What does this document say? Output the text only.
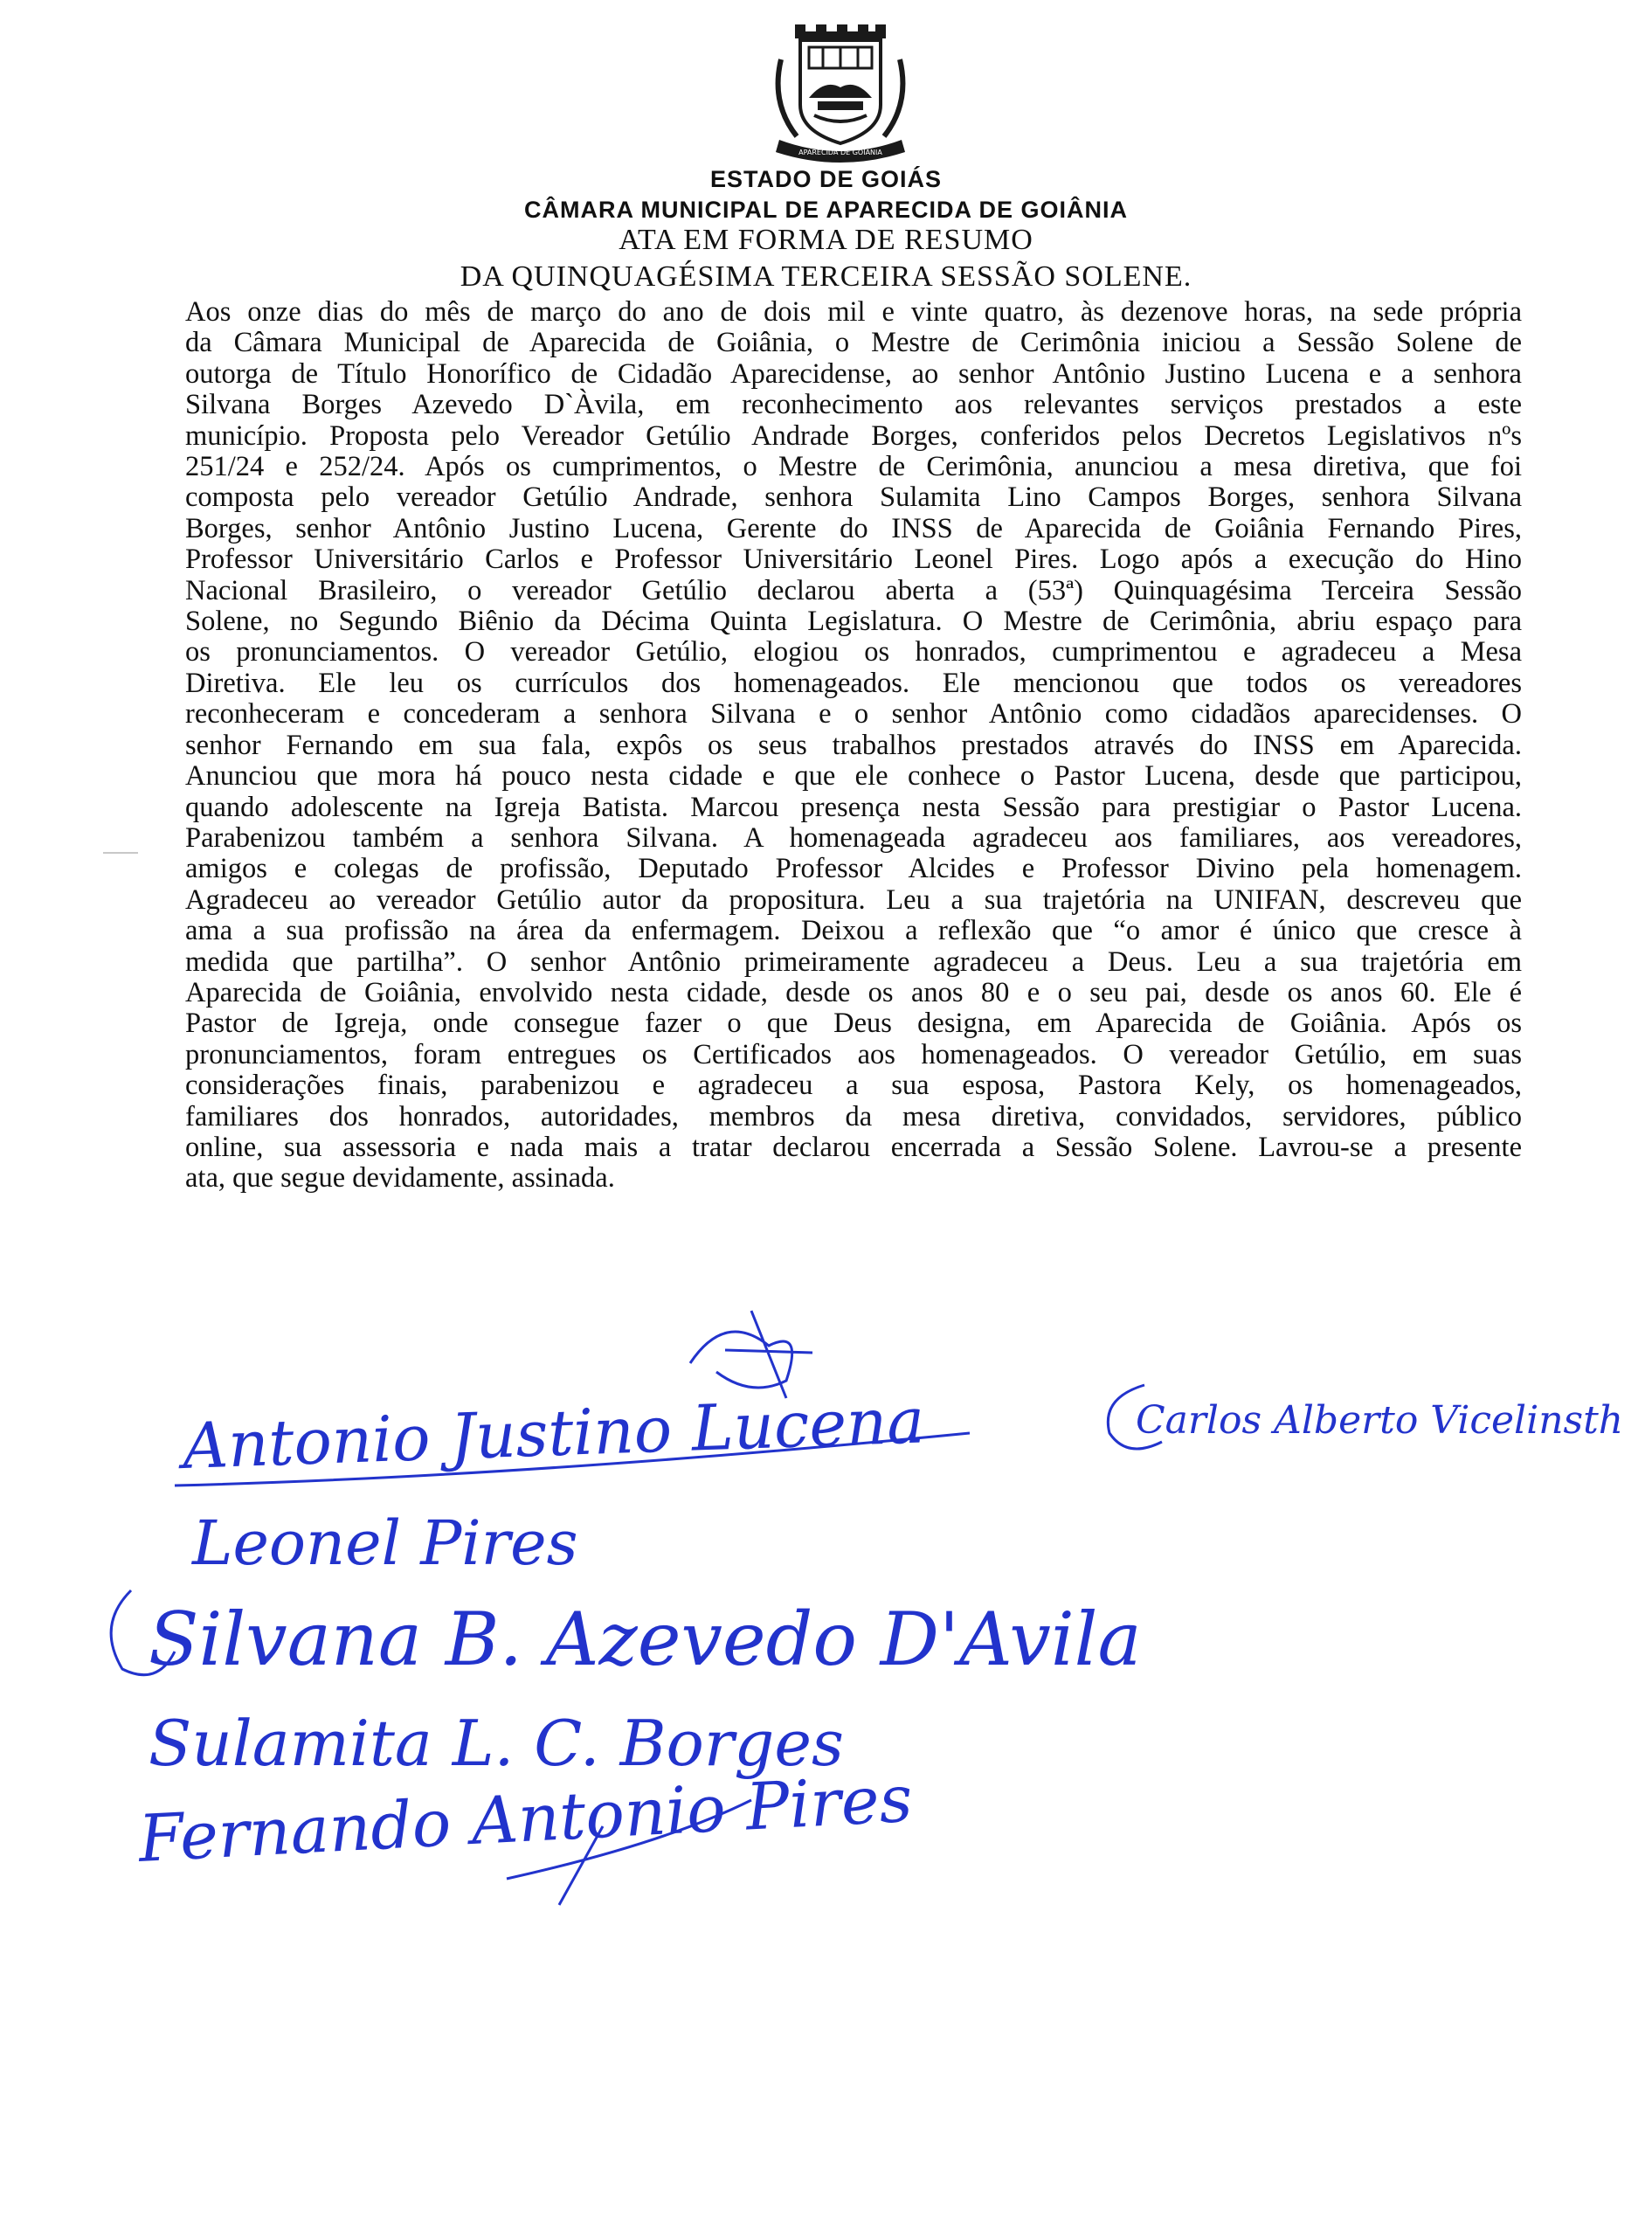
APARECIDA DE GOIÂNIA
ESTADO DE GOIÁS
CÂMARA MUNICIPAL DE APARECIDA DE GOIÂNIA
ATA EM FORMA DE RESUMO
DA QUINQUAGÉSIMA TERCEIRA SESSÃO SOLENE.
Aos onze dias do mês de março do ano de dois mil e vinte quatro, às dezenove horas, na sede própria
da Câmara Municipal de Aparecida de Goiânia, o Mestre de Cerimônia iniciou a Sessão Solene de
outorga de Título Honorífico de Cidadão Aparecidense, ao senhor Antônio Justino Lucena e a senhora
Silvana Borges Azevedo D`Àvila, em reconhecimento aos relevantes serviços prestados a este
município. Proposta pelo Vereador Getúlio Andrade Borges, conferidos pelos Decretos Legislativos nºs
251/24 e 252/24. Após os cumprimentos, o Mestre de Cerimônia, anunciou a mesa diretiva, que foi
composta pelo vereador Getúlio Andrade, senhora Sulamita Lino Campos Borges, senhora Silvana
Borges, senhor Antônio Justino Lucena, Gerente do INSS de Aparecida de Goiânia Fernando Pires,
Professor Universitário Carlos e Professor Universitário Leonel Pires. Logo após a execução do Hino
Nacional Brasileiro, o vereador Getúlio declarou aberta a (53ª) Quinquagésima Terceira Sessão
Solene, no Segundo Biênio da Décima Quinta Legislatura. O Mestre de Cerimônia, abriu espaço para
os pronunciamentos. O vereador Getúlio, elogiou os honrados, cumprimentou e agradeceu a Mesa
Diretiva. Ele leu os currículos dos homenageados. Ele mencionou que todos os vereadores
reconheceram e concederam a senhora Silvana e o senhor Antônio como cidadãos aparecidenses. O
senhor Fernando em sua fala, expôs os seus trabalhos prestados através do INSS em Aparecida.
Anunciou que mora há pouco nesta cidade e que ele conhece o Pastor Lucena, desde que participou,
quando adolescente na Igreja Batista. Marcou presença nesta Sessão para prestigiar o Pastor Lucena.
Parabenizou também a senhora Silvana. A homenageada agradeceu aos familiares, aos vereadores,
amigos e colegas de profissão, Deputado Professor Alcides e Professor Divino pela homenagem.
Agradeceu ao vereador Getúlio autor da propositura. Leu a sua trajetória na UNIFAN, descreveu que
ama a sua profissão na área da enfermagem. Deixou a reflexão que “o amor é único que cresce à
medida que partilha”. O senhor Antônio primeiramente agradeceu a Deus. Leu a sua trajetória em
Aparecida de Goiânia, envolvido nesta cidade, desde os anos 80 e o seu pai, desde os anos 60. Ele é
Pastor de Igreja, onde consegue fazer o que Deus designa, em Aparecida de Goiânia. Após os
pronunciamentos, foram entregues os Certificados aos homenageados. O vereador Getúlio, em suas
considerações finais, parabenizou e agradeceu a sua esposa, Pastora Kely, os homenageados,
familiares dos honrados, autoridades, membros da mesa diretiva, convidados, servidores, público
online, sua assessoria e nada mais a tratar declarou encerrada a Sessão Solene. Lavrou-se a presente
ata, que segue devidamente, assinada.
Antonio Justino Lucena	Carlos Alberto Vicelinsth
Leonel Pires
Silvana B. Azevedo D'Avila
Sulamita L. C. Borges
Fernando Antonio Pires
